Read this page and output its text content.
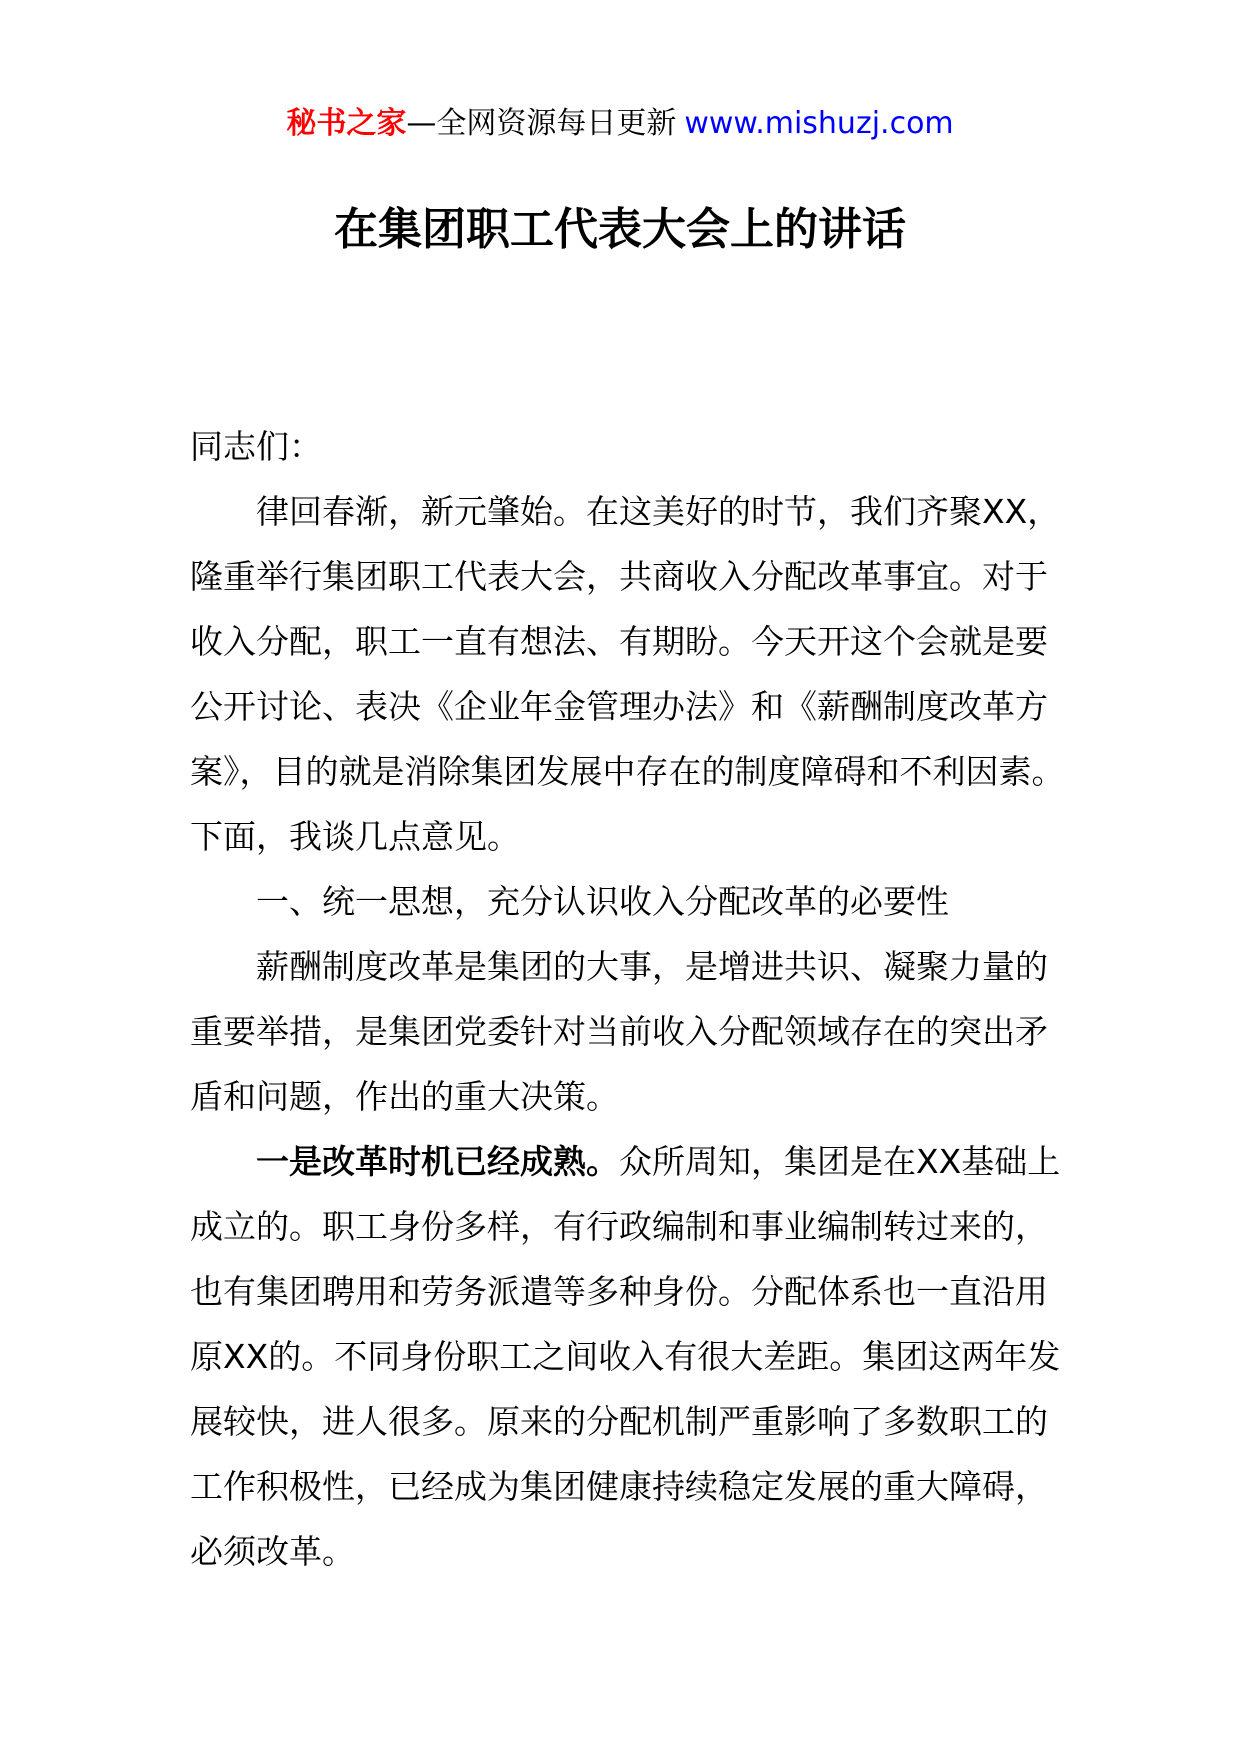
秘书之家—全网资源每日更新 www.mishuzj.com
在集团职工代表大会上的讲话

同志们：

律回春渐，新元肇始。在这美好的时节，我们齐聚XX，隆重举行集团职工代表大会，共商收入分配改革事宜。对于收入分配，职工一直有想法、有期盼。今天开这个会就是要公开讨论、表决《企业年金管理办法》和《薪酬制度改革方案》，目的就是消除集团发展中存在的制度障碍和不利因素。下面，我谈几点意见。

一、统一思想，充分认识收入分配改革的必要性

薪酬制度改革是集团的大事，是增进共识、凝聚力量的重要举措，是集团党委针对当前收入分配领域存在的突出矛盾和问题，作出的重大决策。

一是改革时机已经成熟。众所周知，集团是在XX基础上成立的。职工身份多样，有行政编制和事业编制转过来的，也有集团聘用和劳务派遣等多种身份。分配体系也一直沿用原XX的。不同身份职工之间收入有很大差距。集团这两年发展较快，进人很多。原来的分配机制严重影响了多数职工的工作积极性，已经成为集团健康持续稳定发展的重大障碍，必须改革。
